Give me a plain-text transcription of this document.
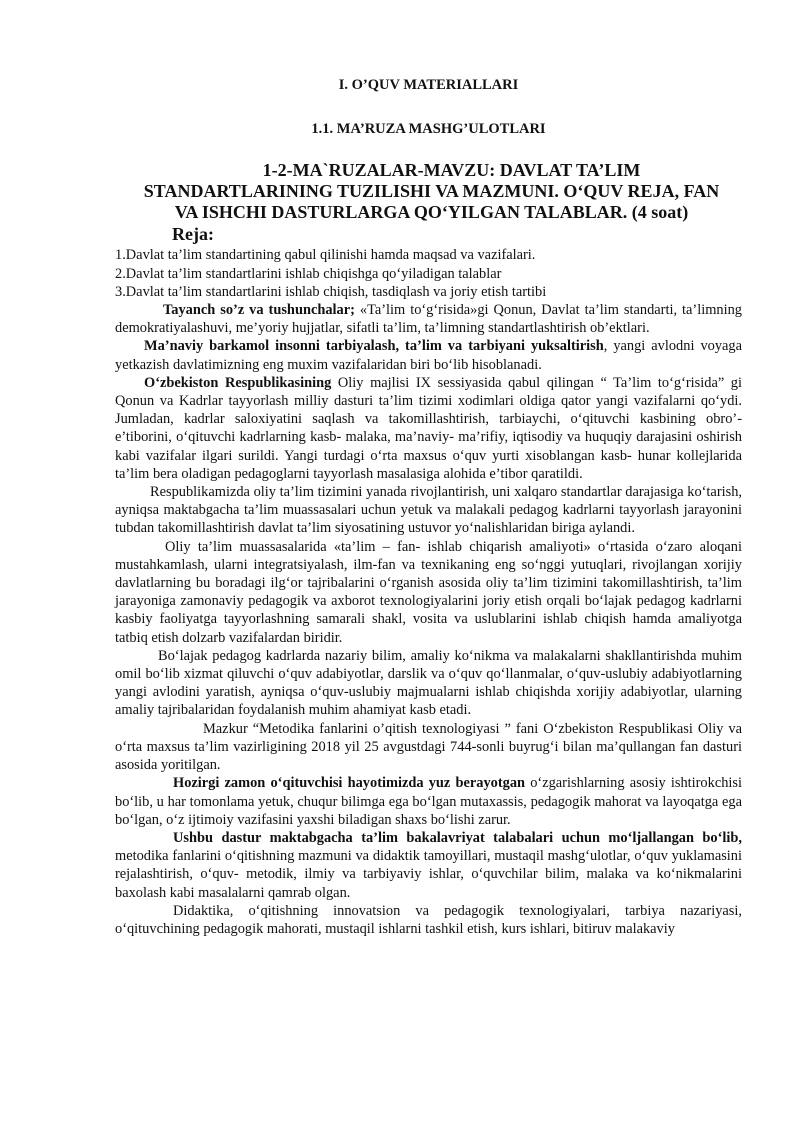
I. O’QUV MATERIALLARI
1.1. MA’RUZA MASHG’ULOTLARI
1-2-MA`RUZALAR-MAVZU: DAVLAT TA’LIM
STANDARTLARINING TUZILISHI VA MAZMUNI. O‘QUV REJA, FAN
VA ISHCHI DASTURLARGA QO‘YILGAN TALABLAR. (4 soat)
Reja:
1.Davlat ta’lim standartining qabul qilinishi hamda maqsad va vazifalari.
2.Davlat ta’lim standartlarini ishlab chiqishga qo‘yiladigan talablar
3.Davlat ta’lim standartlarini ishlab chiqish, tasdiqlash va joriy etish tartibi

Tayanch so’z va tushunchalar; «Ta’lim to‘g‘risida»gi Qonun, Davlat ta’lim standarti, ta’limning demokratiyalashuvi, me’yoriy hujjatlar, sifatli ta’lim, ta’limning standartlashtirish ob’ektlari.

Ma’naviy barkamol insonni tarbiyalash, ta’lim va tarbiyani yuksaltirish, yangi avlodni voyaga yetkazish davlatimizning eng muxim vazifalaridan biri bo‘lib hisoblanadi.

O‘zbekiston Respublikasining Oliy majlisi IX sessiyasida qabul qilingan “ Ta’lim to‘g‘risida” gi Qonun va Kadrlar tayyorlash milliy dasturi ta’lim tizimi xodimlari oldiga qator yangi vazifalarni qo‘ydi. Jumladan, kadrlar saloxiyatini saqlash va takomillashtirish, tarbiaychi, o‘qituvchi kasbining obro’- e’tiborini, o‘qituvchi kadrlarning kasb- malaka, ma’naviy- ma’rifiy, iqtisodiy va huquqiy darajasini oshirish kabi vazifalar ilgari surildi. Yangi turdagi o‘rta maxsus o‘quv yurti xisoblangan kasb- hunar kollejlarida ta’lim bera oladigan pedagoglarni tayyorlash masalasiga alohida e’tibor qaratildi.

Respublikamizda oliy ta’lim tizimini yanada rivojlantirish, uni xalqaro standartlar darajasiga ko‘tarish, ayniqsa maktabgacha ta’lim muassasalari uchun yetuk va malakali pedagog kadrlarni tayyorlash jarayonini tubdan takomillashtirish davlat ta’lim siyosatining ustuvor yo‘nalishlaridan biriga aylandi.

Oliy ta’lim muassasalarida «ta’lim – fan- ishlab chiqarish amaliyoti» o‘rtasida o‘zaro aloqani mustahkamlash, ularni integratsiyalash, ilm-fan va texnikaning eng so‘nggi yutuqlari, rivojlangan xorijiy davlatlarning bu boradagi ilg‘or tajribalarini o‘rganish asosida oliy ta’lim tizimini takomillashtirish, ta’lim jarayoniga zamonaviy pedagogik va axborot texnologiyalarini joriy etish orqali bo‘lajak pedagog kadrlarni kasbiy faoliyatga tayyorlashning samarali shakl, vosita va uslublarini ishlab chiqish hamda amaliyotga tatbiq etish dolzarb vazifalardan biridir.

Bo‘lajak pedagog kadrlarda nazariy bilim, amaliy ko‘nikma va malakalarni shakllantirishda muhim omil bo‘lib xizmat qiluvchi o‘quv adabiyotlar, darslik va o‘quv qo‘llanmalar, o‘quv-uslubiy adabiyotlarning yangi avlodini yaratish, ayniqsa o‘quv-uslubiy majmualarni ishlab chiqishda xorijiy adabiyotlar, ularning amaliy tajribalaridan foydalanish muhim ahamiyat kasb etadi.

Mazkur “Metodika fanlarini o’qitish texnologiyasi ” fani O‘zbekiston Respublikasi Oliy va o‘rta maxsus ta’lim vazirligining 2018 yil 25 avgustdagi 744-sonli buyrug‘i bilan ma’qullangan fan dasturi asosida yoritilgan.

Hozirgi zamon o‘qituvchisi hayotimizda yuz berayotgan o‘zgarishlarning asosiy ishtirokchisi bo‘lib, u har tomonlama yetuk, chuqur bilimga ega bo‘lgan mutaxassis, pedagogik mahorat va layoqatga ega bo‘lgan, o‘z ijtimoiy vazifasini yaxshi biladigan shaxs bo‘lishi zarur.

Ushbu dastur maktabgacha ta’lim bakalavriyat talabalari uchun mo‘ljallangan bo‘lib, metodika fanlarini o‘qitishning mazmuni va didaktik tamoyillari, mustaqil mashg‘ulotlar, o‘quv yuklamasini rejalashtirish, o‘quv- metodik, ilmiy va tarbiyaviy ishlar, o‘quvchilar bilim, malaka va ko‘nikmalarini baxolash kabi masalalarni qamrab olgan.

Didaktika, o‘qitishning innovatsion va pedagogik texnologiyalari, tarbiya nazariyasi, o‘qituvchining pedagogik mahorati, mustaqil ishlarni tashkil etish, kurs ishlari, bitiruv malakaviy
